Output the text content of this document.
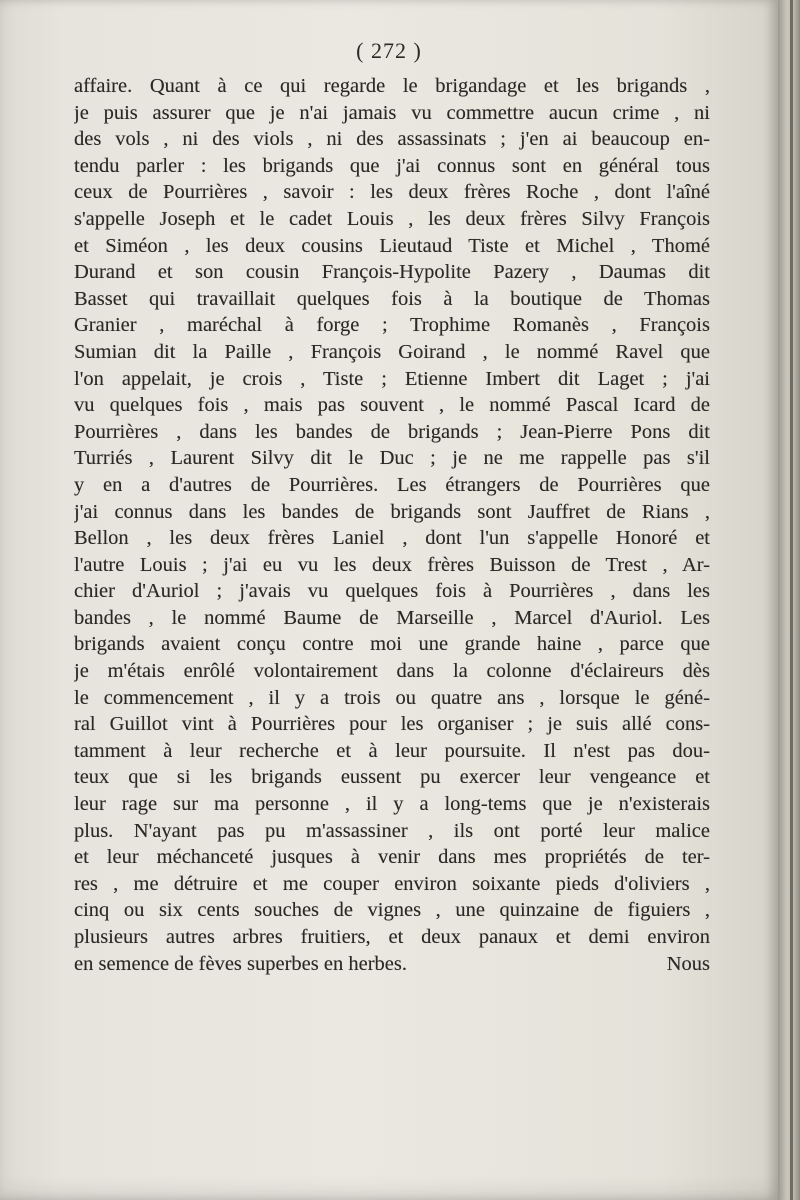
( 272 )
affaire. Quant à ce qui regarde le brigandage et les brigands ,
je puis assurer que je n'ai jamais vu commettre aucun crime , ni
des vols , ni des viols , ni des assassinats ; j'en ai beaucoup en-
tendu parler : les brigands que j'ai connus sont en général tous
ceux de Pourrières , savoir : les deux frères Roche , dont l'aîné
s'appelle Joseph et le cadet Louis , les deux frères Silvy François
et Siméon , les deux cousins Lieutaud Tiste et Michel , Thomé
Durand et son cousin François-Hypolite Pazery , Daumas dit
Basset qui travaillait quelques fois à la boutique de Thomas
Granier , maréchal à forge ; Trophime Romanès , François
Sumian dit la Paille , François Goirand , le nommé Ravel que
l'on appelait, je crois , Tiste ; Etienne Imbert dit Laget ; j'ai
vu quelques fois , mais pas souvent , le nommé Pascal Icard de
Pourrières , dans les bandes de brigands ; Jean-Pierre Pons dit
Turriés , Laurent Silvy dit le Duc ; je ne me rappelle pas s'il
y en a d'autres de Pourrières. Les étrangers de Pourrières que
j'ai connus dans les bandes de brigands sont Jauffret de Rians ,
Bellon , les deux frères Laniel , dont l'un s'appelle Honoré et
l'autre Louis ; j'ai eu vu les deux frères Buisson de Trest , Ar-
chier d'Auriol ; j'avais vu quelques fois à Pourrières , dans les
bandes , le nommé Baume de Marseille , Marcel d'Auriol. Les
brigands avaient conçu contre moi une grande haine , parce que
je m'étais enrôlé volontairement dans la colonne d'éclaireurs dès
le commencement , il y a trois ou quatre ans , lorsque le géné-
ral Guillot vint à Pourrières pour les organiser ; je suis allé cons-
tamment à leur recherche et à leur poursuite. Il n'est pas dou-
teux que si les brigands eussent pu exercer leur vengeance et
leur rage sur ma personne , il y a long-tems que je n'existerais
plus. N'ayant pas pu m'assassiner , ils ont porté leur malice
et leur méchanceté jusques à venir dans mes propriétés de ter-
res , me détruire et me couper environ soixante pieds d'oliviers ,
cinq ou six cents souches de vignes , une quinzaine de figuiers ,
plusieurs autres arbres fruitiers, et deux panaux et demi environ
en semence de fèves superbes en herbes.	Nous
